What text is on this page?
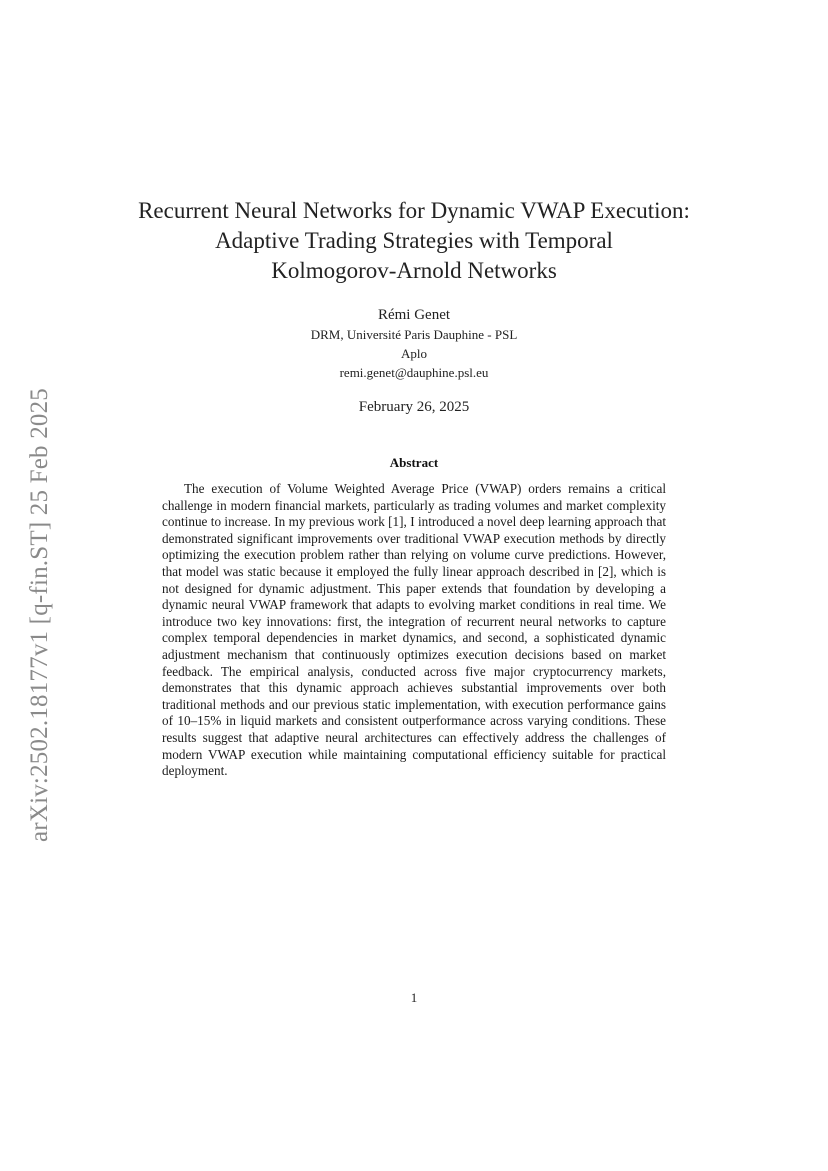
arXiv:2502.18177v1 [q-fin.ST] 25 Feb 2025
Recurrent Neural Networks for Dynamic VWAP Execution:
Adaptive Trading Strategies with Temporal
Kolmogorov-Arnold Networks
Rémi Genet
DRM, Université Paris Dauphine - PSL
Aplo
remi.genet@dauphine.psl.eu
February 26, 2025
Abstract

The execution of Volume Weighted Average Price (VWAP) orders remains a critical challenge in modern financial markets, particularly as trading volumes and market complexity continue to increase. In my previous work [1], I introduced a novel deep learning approach that demonstrated significant improvements over traditional VWAP execution methods by directly optimizing the execution problem rather than relying on volume curve predictions. However, that model was static because it employed the fully linear approach described in [2], which is not designed for dynamic adjustment. This paper extends that foundation by developing a dynamic neural VWAP framework that adapts to evolving market conditions in real time. We introduce two key innovations: first, the integration of recurrent neural networks to capture complex temporal dependencies in market dynamics, and second, a sophisticated dynamic adjustment mechanism that continuously optimizes execution decisions based on market feedback. The empirical analysis, conducted across five major cryptocurrency markets, demonstrates that this dynamic approach achieves substantial improvements over both traditional methods and our previous static implementation, with execution performance gains of 10–15% in liquid markets and consistent outperformance across varying conditions. These results suggest that adaptive neural architectures can effectively address the challenges of modern VWAP execution while maintaining computational efficiency suitable for practical deployment.

1
